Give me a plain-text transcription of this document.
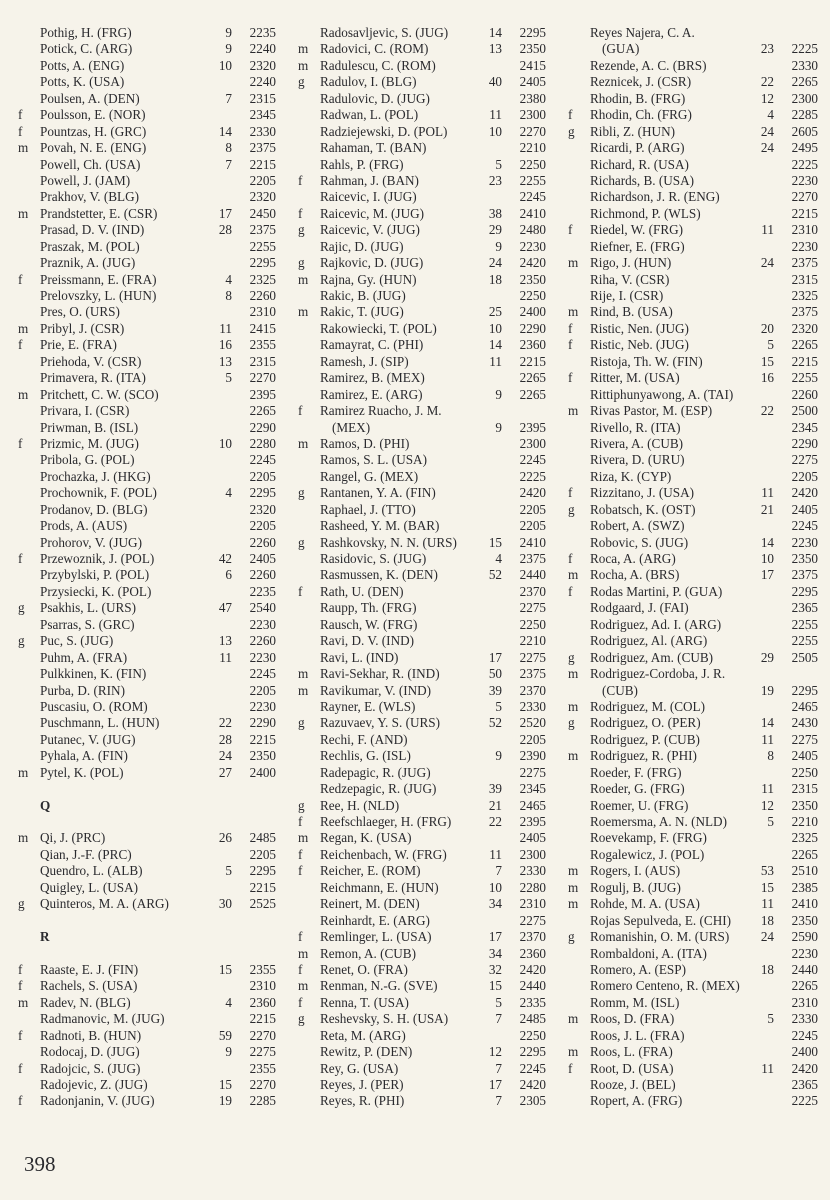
Pothig, H. (FRG)	9 2235
Potick, C. (ARG)	9 2240
Potts, A. (ENG)	10 2320
Potts, K. (USA)	2240
Poulsen, A. (DEN)	7 2315
f	Poulsson, E. (NOR)	2345
f	Pountzas, H. (GRC)	14 2330
m Povah, N. E. (ENG)	8 2375
Powell, Ch. (USA)	7 2215
Powell, J. (JAM)	2205
Prakhov, V. (BLG)	2320
m Prandstetter, E. (CSR)	17 2450
Prasad, D. V. (IND)	28 2375
Praszak, M. (POL)	2255
Praznik, A. (JUG)	2295
f	Preissmann, E. (FRA)	4 2325
Prelovszky, L. (HUN)	8 2260
Pres, O. (URS)	2310
m Pribyl, J. (CSR)	11 2415
f	Prie, E. (FRA)	16 2355
Priehoda, V. (CSR)	13 2315
Primavera, R. (ITA)	5 2270
m Pritchett, C. W. (SCO)	2395
Privara, I. (CSR)	2265
Priwman, B. (ISL)	2290
f	Prizmic, M. (JUG)	10 2280
Pribola, G. (POL)	2245
Prochazka, J. (HKG)	2205
Prochownik, F. (POL)	4 2295
Prodanov, D. (BLG)	2320
Prods, A. (AUS)	2205
Prohorov, V. (JUG)	2260
f	Przewoznik, J. (POL)	42 2405
Przybylski, P. (POL)	6 2260
Przysiecki, K. (POL)	2235
g	Psakhis, L. (URS)	47 2540
Psarras, S. (GRC)	2230
g	Puc, S. (JUG)	13 2260
Puhm, A. (FRA)	11 2230
Pulkkinen, K. (FIN)	2245
Purba, D. (RIN)	2205
Puscasiu, O. (ROM)	2230
Puschmann, L. (HUN)	22 2290
Putanec, V. (JUG)	28 2215
Pyhala, A. (FIN)	24 2350
m Pytel, K. (POL)	27 2400
Q
m Qi, J. (PRC)	26 2485
Qian, J.-F. (PRC)	2205
Quendro, L. (ALB)	5 2295
Quigley, L. (USA)	2215
g	Quinteros, M. A. (ARG)	30 2525
R
f	Raaste, E. J. (FIN)	15 2355
f	Rachels, S. (USA)	2310
m Radev, N. (BLG)	4 2360
Radmanovic, M. (JUG)	2215
f	Radnoti, B. (HUN)	59 2270
Rodocaj, D. (JUG)	9 2275
f	Radojcic, S. (JUG)	2355
Radojevic, Z. (JUG)	15 2270
f	Radonjanin, V. (JUG)	19 2285
Radosavljevic, S. (JUG)	14 2295
m Radovici, C. (ROM)	13 2350
m Radulescu, C. (ROM)	2415
g	Radulov, I. (BLG)	40 2405
Radulovic, D. (JUG)	2380
Radwan, L. (POL)	11 2300
Radziejewski, D. (POL)	10 2270
Rahaman, T. (BAN)	2210
Rahls, P. (FRG)	5 2250
f	Rahman, J. (BAN)	23 2255
Raicevic, I. (JUG)	2245
f	Raicevic, M. (JUG)	38 2410
g	Raicevic, V. (JUG)	29 2480
Rajic, D. (JUG)	9 2230
g	Rajkovic, D. (JUG)	24 2420
m Rajna, Gy. (HUN)	18 2350
Rakic, B. (JUG)	2250
m Rakic, T. (JUG)	25 2400
Rakowiecki, T. (POL)	10 2290
Ramayrat, C. (PHI)	14 2360
Ramesh, J. (SIP)	11 2215
Ramirez, B. (MEX)	2265
Ramirez, E. (ARG)	9 2265
f	Ramirez Ruacho, J. M.
(MEX)	9 2395
m Ramos, D. (PHI)	2300
Ramos, S. L. (USA)	2245
Rangel, G. (MEX)	2225
g	Rantanen, Y. A. (FIN)	2420
Raphael, J. (TTO)	2205
Rasheed, Y. M. (BAR)	2205
g	Rashkovsky, N. N. (URS) 15 2410
Rasidovic, S. (JUG)	4 2375
Rasmussen, K. (DEN)	52 2440
f	Rath, U. (DEN)	2370
Raupp, Th. (FRG)	2275
Rausch, W. (FRG)	2250
Ravi, D. V. (IND)	2210
Ravi, L. (IND)	17 2275
m Ravi-Sekhar, R. (IND)	50 2375
m Ravikumar, V. (IND)	39 2370
Rayner, E. (WLS)	5 2330
g	Razuvaev, Y. S. (URS)	52 2520
Rechi, F. (AND)	2205
Rechlis, G. (ISL)	9 2390
Radepagic, R. (JUG)	2275
Redzepagic, R. (JUG)	39 2345
g	Ree, H. (NLD)	21 2465
f	Reefschlaeger, H. (FRG)	22 2395
m Regan, K. (USA)	2405
f	Reichenbach, W. (FRG)	11 2300
f	Reicher, E. (ROM)	7 2330
Reichmann, E. (HUN)	10 2280
Reinert, M. (DEN)	34 2310
Reinhardt, E. (ARG)	2275
f	Remlinger, L. (USA)	17 2370
m Remon, A. (CUB)	34 2360
f	Renet, O. (FRA)	32 2420
m Renman, N.-G. (SVE)	15 2440
f	Renna, T. (USA)	5 2335
g	Reshevsky, S. H. (USA)	7 2485
Reta, M. (ARG)	2250
Rewitz, P. (DEN)	12 2295
Rey, G. (USA)	7 2245
Reyes, J. (PER)	17 2420
Reyes, R. (PHI)	7 2305
Reyes Najera, C. A.
(GUA)	23 2225
Rezende, A. C. (BRS)	2330
Reznicek, J. (CSR)	22 2265
Rhodin, B. (FRG)	12 2300
f	Rhodin, Ch. (FRG)	4 2285
g	Ribli, Z. (HUN)	24 2605
Ricardi, P. (ARG)	24 2495
Richard, R. (USA)	2225
Richards, B. (USA)	2230
Richardson, J. R. (ENG)	2270
Richmond, P. (WLS)	2215
f	Riedel, W. (FRG)	11 2310
Riefner, E. (FRG)	2230
m Rigo, J. (HUN)	24 2375
Riha, V. (CSR)	2315
Rije, I. (CSR)	2325
m Rind, B. (USA)	2375
f	Ristic, Nen. (JUG)	20 2320
f	Ristic, Neb. (JUG)	5 2265
Ristoja, Th. W. (FIN)	15 2215
f	Ritter, M. (USA)	16 2255
Rittiphunyawong, A. (TAI)	2260
m Rivas Pastor, M. (ESP)	22 2500
Rivello, R. (ITA)	2345
Rivera, A. (CUB)	2290
Rivera, D. (URU)	2275
Riza, K. (CYP)	2205
f	Rizzitano, J. (USA)	11 2420
g	Robatsch, K. (OST)	21 2405
Robert, A. (SWZ)	2245
Robovic, S. (JUG)	14 2230
f	Roca, A. (ARG)	10 2350
m Rocha, A. (BRS)	17 2375
f	Rodas Martini, P. (GUA)	2295
Rodgaard, J. (FAI)	2365
Rodriguez, Ad. I. (ARG)	2255
Rodriguez, Al. (ARG)	2255
g	Rodriguez, Am. (CUB)	29 2505
m Rodriguez-Cordoba, J. R.
(CUB)	19 2295
m Rodriguez, M. (COL)	2465
g	Rodriguez, O. (PER)	14 2430
Rodriguez, P. (CUB)	11 2275
m Rodriguez, R. (PHI)	8 2405
Roeder, F. (FRG)	2250
Roeder, G. (FRG)	11 2315
Roemer, U. (FRG)	12 2350
Roemersma, A. N. (NLD)	5 2210
Roevekamp, F. (FRG)	2325
Rogalewicz, J. (POL)	2265
m Rogers, I. (AUS)	53 2510
m Rogulj, B. (JUG)	15 2385
m Rohde, M. A. (USA)	11 2410
Rojas Sepulveda, E. (CHI) 18 2350
g	Romanishin, O. M. (URS) 24 2590
Rombaldoni, A. (ITA)	2230
Romero, A. (ESP)	18 2440
Romero Centeno, R. (MEX)	2265
Romm, M. (ISL)	2310
m Roos, D. (FRA)	5 2330
Roos, J. L. (FRA)	2245
m Roos, L. (FRA)	2400
f	Root, D. (USA)	11 2420
Rooze, J. (BEL)	2365
Ropert, A. (FRG)	2225
398
